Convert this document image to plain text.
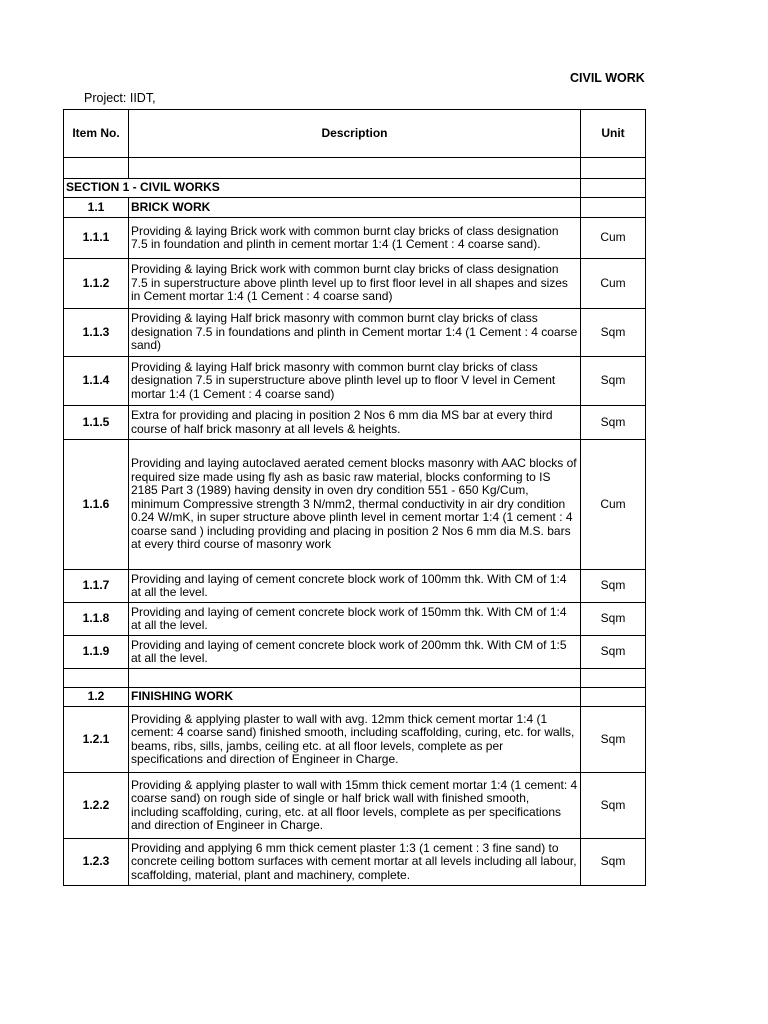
CIVIL WORK
Project: IIDT,
Item No.	Description	Unit

SECTION 1 - CIVIL WORKS		
1.1	BRICK WORK	
1.1.1	Providing & laying Brick work with common burnt clay bricks of class designation 7.5 in foundation and plinth in cement mortar 1:4 (1 Cement : 4 coarse sand).	Cum
1.1.2	Providing & laying Brick work with common burnt clay bricks of class designation 7.5 in superstructure above plinth level up to first floor level in all shapes and sizes in Cement mortar 1:4 (1 Cement : 4 coarse sand)	Cum
1.1.3	Providing & laying Half brick masonry with common burnt clay bricks of class designation 7.5 in foundations and plinth in Cement mortar 1:4 (1 Cement : 4 coarse sand)	Sqm
1.1.4	Providing & laying Half brick masonry with common burnt clay bricks of class designation 7.5 in superstructure above plinth level up to floor V level in Cement mortar 1:4 (1 Cement : 4 coarse sand)	Sqm
1.1.5	Extra for providing and placing in position 2 Nos 6 mm dia MS bar at every third course of half brick masonry at all levels & heights.	Sqm
1.1.6	Providing and laying autoclaved aerated cement blocks masonry with AAC blocks of required size made using fly ash as basic raw material, blocks conforming to IS 2185 Part 3 (1989) having density in oven dry condition 551 - 650 Kg/Cum, minimum Compressive strength 3 N/mm2, thermal conductivity in air dry condition 0.24 W/mK, in super structure above plinth level in cement mortar 1:4 (1 cement : 4 coarse sand ) including providing and placing in position 2 Nos 6 mm dia M.S. bars at every third course of masonry work	Cum
1.1.7	Providing and laying of cement concrete block work of 100mm thk. With CM of 1:4 at all the level.	Sqm
1.1.8	Providing and laying of cement concrete block work of 150mm thk. With CM of 1:4 at all the level.	Sqm
1.1.9	Providing and laying of cement concrete block work of 200mm thk. With CM of 1:5 at all the level.	Sqm

1.2	FINISHING WORK	
1.2.1	Providing & applying plaster to wall with avg. 12mm thick cement mortar 1:4 (1 cement: 4 coarse sand) finished smooth, including scaffolding, curing, etc. for walls, beams, ribs, sills, jambs, ceiling etc. at all floor levels, complete as per specifications and direction of Engineer in Charge.	Sqm
1.2.2	Providing & applying plaster to wall with 15mm thick cement mortar 1:4 (1 cement: 4 coarse sand) on rough side of single or half brick wall with finished smooth, including scaffolding, curing, etc. at all floor levels, complete as per specifications and direction of Engineer in Charge.	Sqm
1.2.3	Providing and applying 6 mm thick cement plaster 1:3 (1 cement : 3 fine sand) to concrete ceiling bottom surfaces with cement mortar at all levels including all labour, scaffolding, material, plant and machinery, complete.	Sqm
